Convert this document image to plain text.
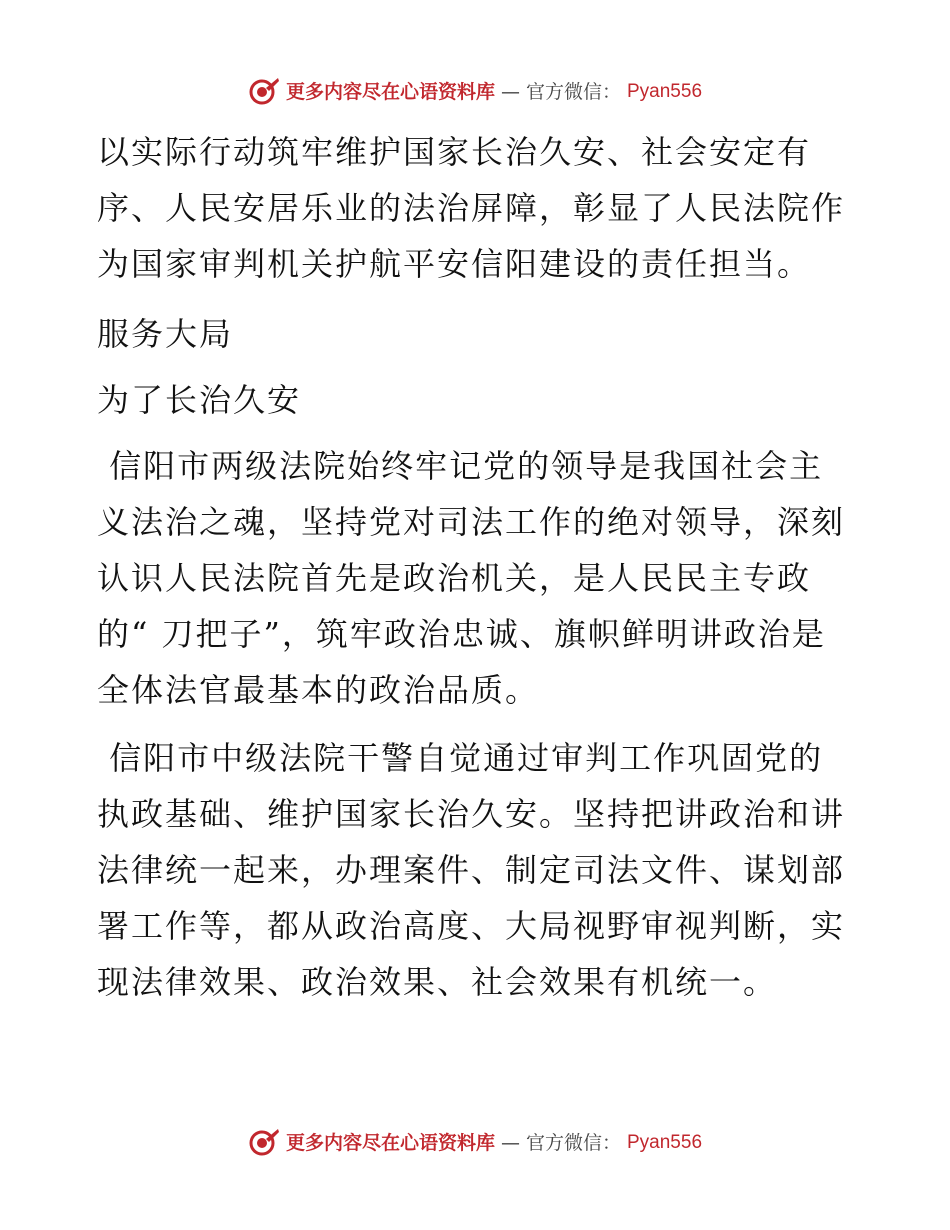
更多内容尽在心语资料库 — 官方微信： Pyan556

以实际行动筑牢维护国家长治久安、社会安定有序、人民安居乐业的法治屏障，彰显了人民法院作为国家审判机关护航平安信阳建设的责任担当。

服务大局

为了长治久安

信阳市两级法院始终牢记党的领导是我国社会主义法治之魂，坚持党对司法工作的绝对领导，深刻认识人民法院首先是政治机关，是人民民主专政的“ 刀把子”，筑牢政治忠诚、旗帜鲜明讲政治是全体法官最基本的政治品质。

信阳市中级法院干警自觉通过审判工作巩固党的执政基础、维护国家长治久安。坚持把讲政治和讲法律统一起来，办理案件、制定司法文件、谋划部署工作等，都从政治高度、大局视野审视判断，实现法律效果、政治效果、社会效果有机统一。

更多内容尽在心语资料库 — 官方微信： Pyan556
